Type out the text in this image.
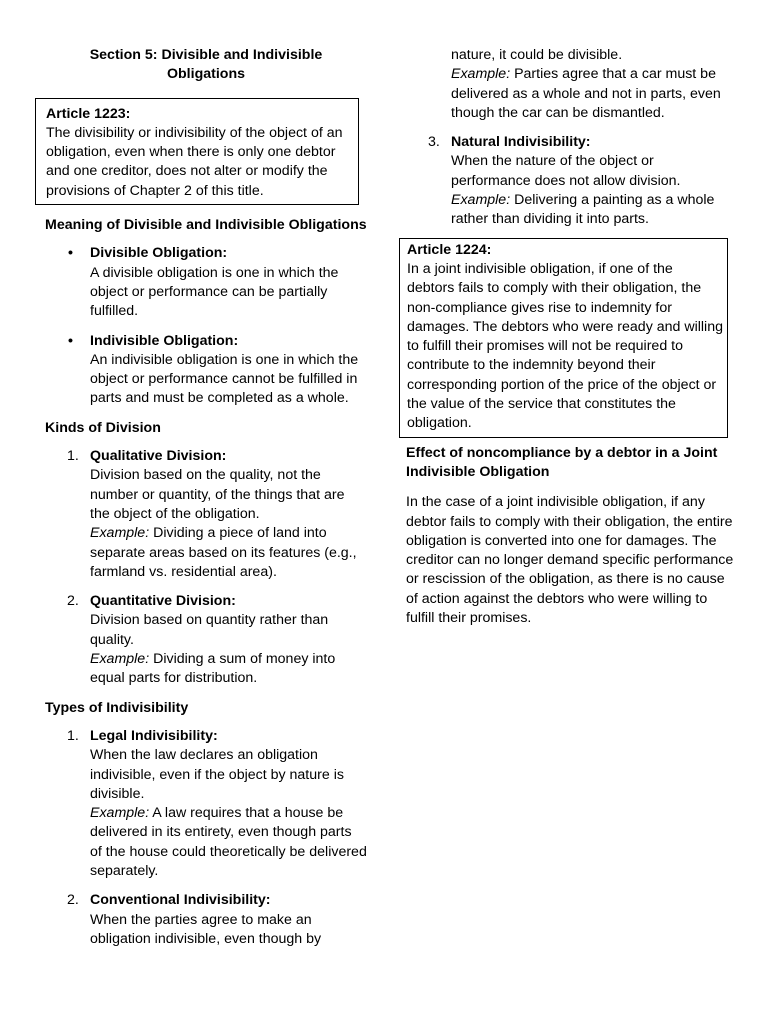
Section 5: Divisible and Indivisible
Obligations
Article 1223:

The divisibility or indivisibility of the object of an obligation, even when there is only one debtor and one creditor, does not alter or modify the provisions of Chapter 2 of this title.

Meaning of Divisible and Indivisible Obligations
• Divisible Obligation:

A divisible obligation is one in which the object or performance can be partially fulfilled.

• Indivisible Obligation:

An indivisible obligation is one in which the object or performance cannot be fulfilled in parts and must be completed as a whole.

Kinds of Division
1. Qualitative Division:

Division based on the quality, not the number or quantity, of the things that are the object of the obligation.

Example: Dividing a piece of land into separate areas based on its features (e.g., farmland vs. residential area).

2. Quantitative Division:

Division based on quantity rather than quality.

Example: Dividing a sum of money into equal parts for distribution.

Types of Indivisibility
1. Legal Indivisibility:

When the law declares an obligation indivisible, even if the object by nature is divisible.

Example: A law requires that a house be delivered in its entirety, even though parts of the house could theoretically be delivered separately.

2. Conventional Indivisibility:

When the parties agree to make an obligation indivisible, even though by

nature, it could be divisible.

Example: Parties agree that a car must be delivered as a whole and not in parts, even though the car can be dismantled.

3. Natural Indivisibility:

When the nature of the object or performance does not allow division.

Example: Delivering a painting as a whole rather than dividing it into parts.

Article 1224:

In a joint indivisible obligation, if one of the debtors fails to comply with their obligation, the non-compliance gives rise to indemnity for damages. The debtors who were ready and willing to fulfill their promises will not be required to contribute to the indemnity beyond their corresponding portion of the price of the object or the value of the service that constitutes the obligation.

Effect of noncompliance by a debtor in a Joint Indivisible Obligation

In the case of a joint indivisible obligation, if any debtor fails to comply with their obligation, the entire obligation is converted into one for damages. The creditor can no longer demand specific performance or rescission of the obligation, as there is no cause of action against the debtors who were willing to fulfill their promises.
